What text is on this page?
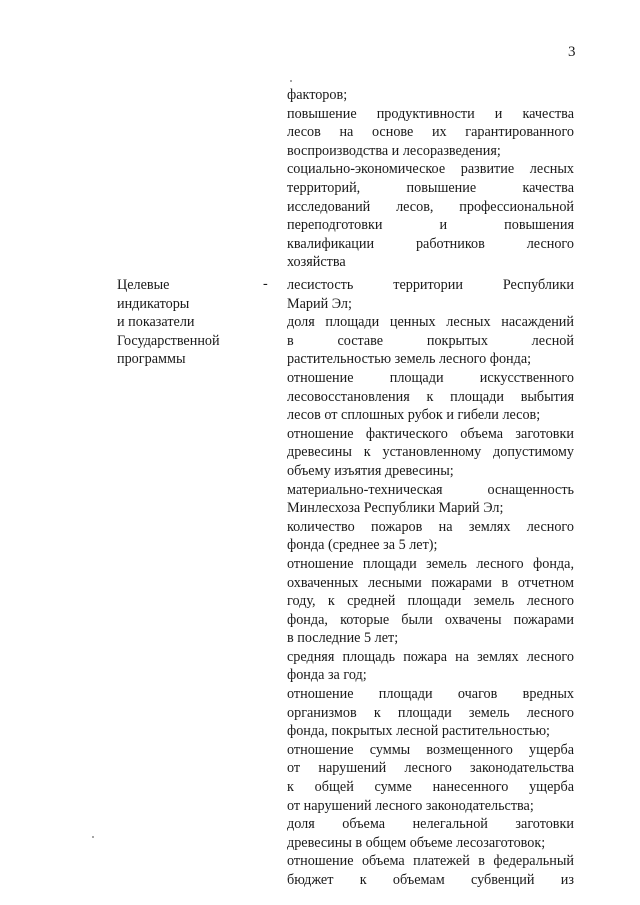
3
факторов;
повышение продуктивности и качества
лесов на основе их гарантированного
воспроизводства и лесоразведения;
социально-экономическое развитие лесных
территорий, повышение качества
исследований лесов, профессиональной
переподготовки и повышения
квалификации работников лесного
хозяйства
Целевые
индикаторы
и показатели
Государственной
программы
- лесистость территории Республики
Марий Эл;
доля площади ценных лесных насаждений
в составе покрытых лесной
растительностью земель лесного фонда;
отношение площади искусственного
лесовосстановления к площади выбытия
лесов от сплошных рубок и гибели лесов;
отношение фактического объема заготовки
древесины к установленному допустимому
объему изъятия древесины;
материально-техническая оснащенность
Минлесхоза Республики Марий Эл;
количество пожаров на землях лесного
фонда (среднее за 5 лет);
отношение площади земель лесного фонда,
охваченных лесными пожарами в отчетном
году, к средней площади земель лесного
фонда, которые были охвачены пожарами
в последние 5 лет;
средняя площадь пожара на землях лесного
фонда за год;
отношение площади очагов вредных
организмов к площади земель лесного
фонда, покрытых лесной растительностью;
отношение суммы возмещенного ущерба
от нарушений лесного законодательства
к общей сумме нанесенного ущерба
от нарушений лесного законодательства;
доля объема нелегальной заготовки
древесины в общем объеме лесозаготовок;
отношение объема платежей в федеральный
бюджет к объемам субвенций из
